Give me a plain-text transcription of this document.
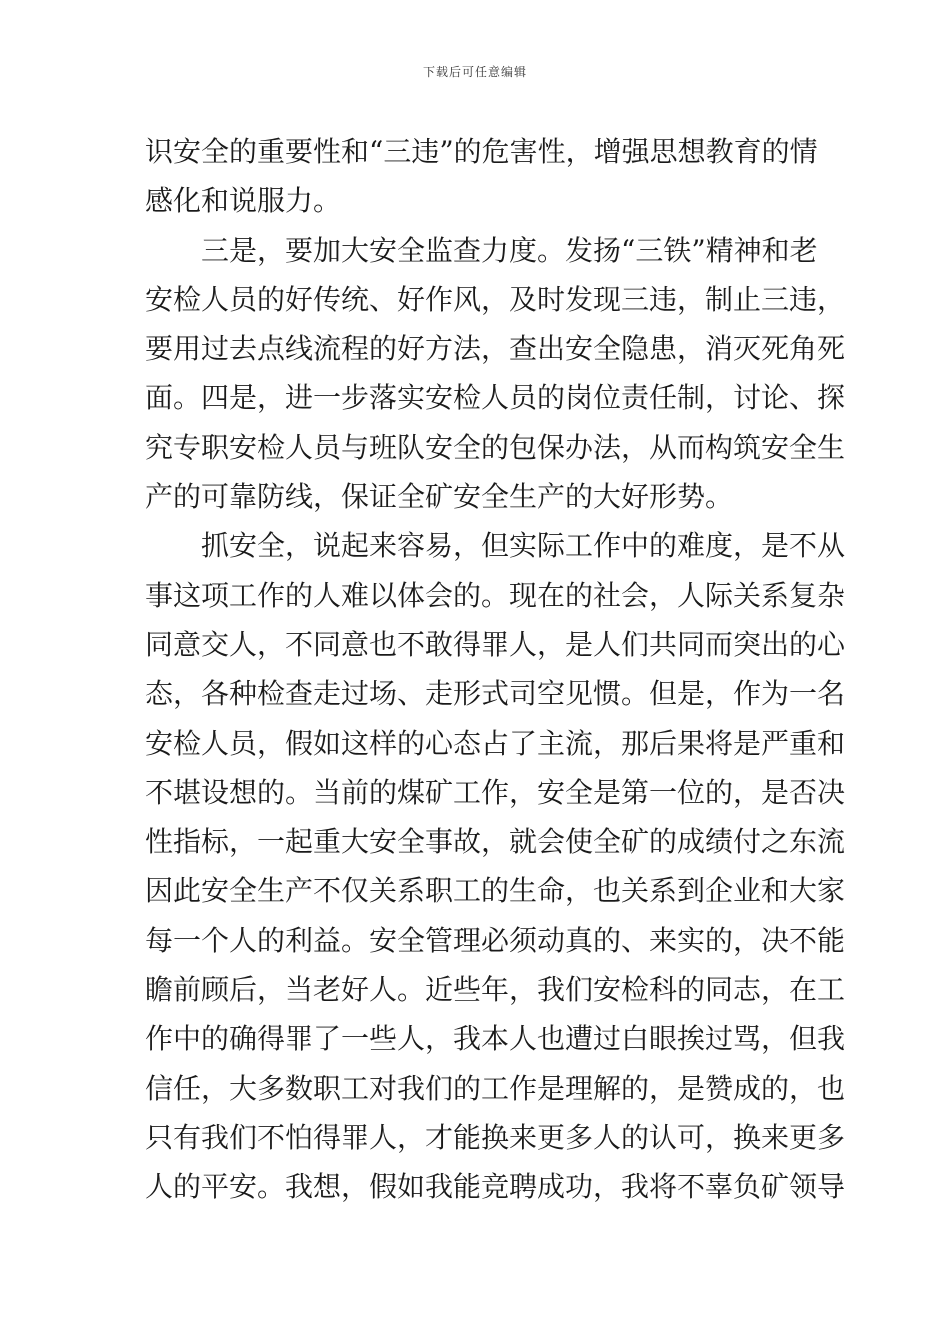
下载后可任意编辑
识安全的重要性和“三违”的危害性，增强思想教育的情
感化和说服力。
三是，要加大安全监查力度。发扬“三铁”精神和老
安检人员的好传统、好作风，及时发现三违，制止三违，
要用过去点线流程的好方法，查出安全隐患，消灭死角死
面。四是，进一步落实安检人员的岗位责任制，讨论、探
究专职安检人员与班队安全的包保办法，从而构筑安全生
产的可靠防线，保证全矿安全生产的大好形势。
抓安全，说起来容易，但实际工作中的难度，是不从
事这项工作的人难以体会的。现在的社会，人际关系复杂
同意交人，不同意也不敢得罪人，是人们共同而突出的心
态，各种检查走过场、走形式司空见惯。但是，作为一名
安检人员，假如这样的心态占了主流，那后果将是严重和
不堪设想的。当前的煤矿工作，安全是第一位的，是否决
性指标，一起重大安全事故，就会使全矿的成绩付之东流
因此安全生产不仅关系职工的生命，也关系到企业和大家
每一个人的利益。安全管理必须动真的、来实的，决不能
瞻前顾后，当老好人。近些年，我们安检科的同志，在工
作中的确得罪了一些人，我本人也遭过白眼挨过骂，但我
信任，大多数职工对我们的工作是理解的，是赞成的，也
只有我们不怕得罪人，才能换来更多人的认可，换来更多
人的平安。我想，假如我能竞聘成功，我将不辜负矿领导
